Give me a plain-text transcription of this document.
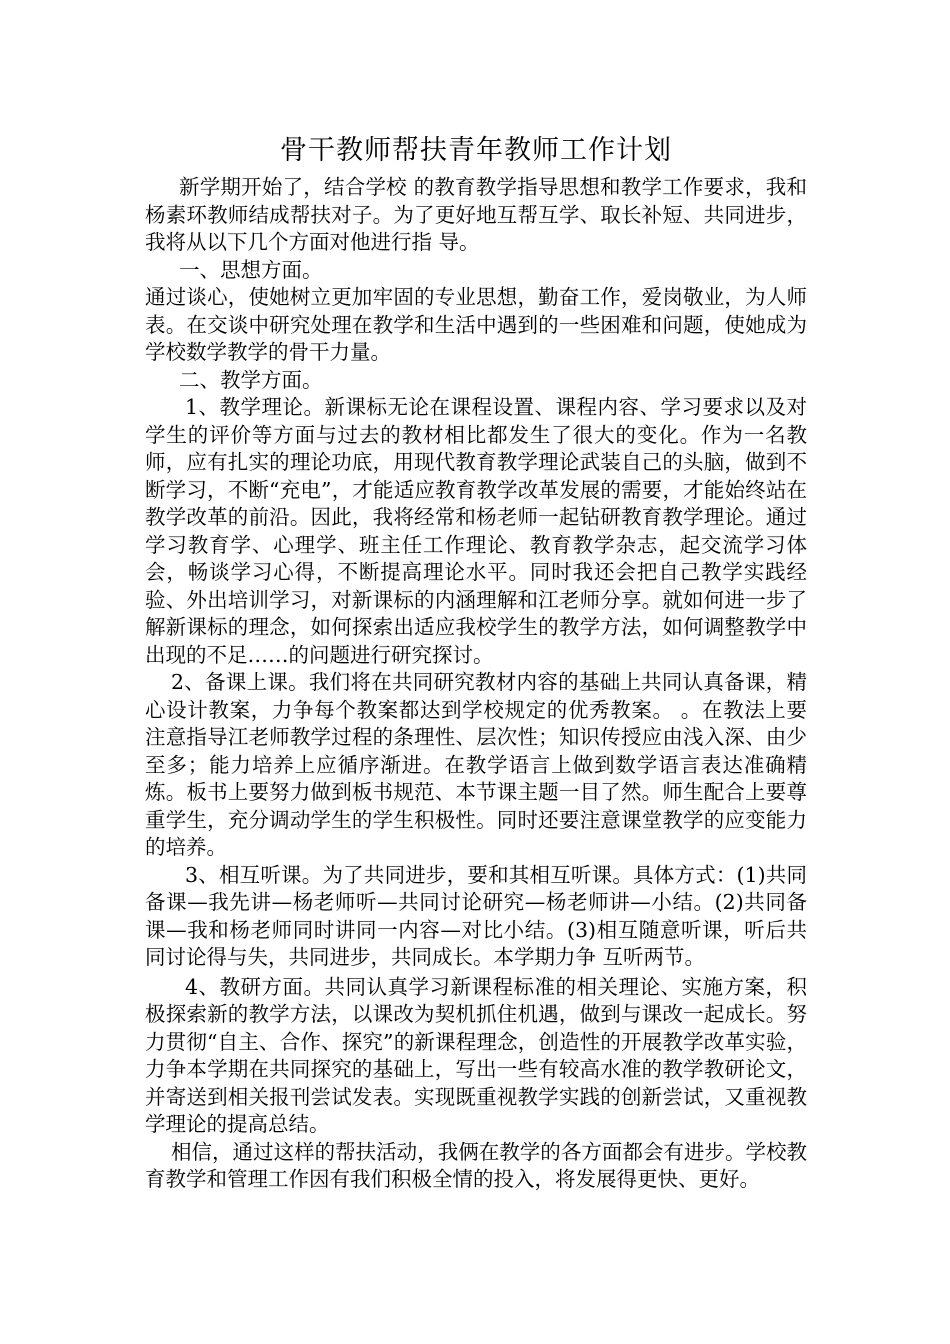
骨干教师帮扶青年教师工作计划

新学期开始了，结合学校 的教育教学指导思想和教学工作要求，我和杨素环教师结成帮扶对子。为了更好地互帮互学、取长补短、共同进步，我将从以下几个方面对他进行指 导。

一、思想方面。

通过谈心，使她树立更加牢固的专业思想，勤奋工作，爱岗敬业，为人师表。在交谈中研究处理在教学和生活中遇到的一些困难和问题，使她成为学校数学教学的骨干力量。

二、教学方面。

1、教学理论。新课标无论在课程设置、课程内容、学习要求以及对学生的评价等方面与过去的教材相比都发生了很大的变化。作为一名教师，应有扎实的理论功底，用现代教育教学理论武装自己的头脑，做到不断学习，不断“充电”，才能适应教育教学改革发展的需要，才能始终站在教学改革的前沿。因此，我将经常和杨老师一起钻研教育教学理论。通过学习教育学、心理学、班主任工作理论、教育教学杂志，起交流学习体会，畅谈学习心得，不断提高理论水平。同时我还会把自己教学实践经验、外出培训学习，对新课标的内涵理解和江老师分享。就如何进一步了解新课标的理念，如何探索出适应我校学生的教学方法，如何调整教学中出现的不足……的问题进行研究探讨。

2、备课上课。我们将在共同研究教材内容的基础上共同认真备课，精心设计教案，力争每个教案都达到学校规定的优秀教案。 。在教法上要注意指导江老师教学过程的条理性、层次性；知识传授应由浅入深、由少至多；能力培养上应循序渐进。在教学语言上做到数学语言表达准确精炼。板书上要努力做到板书规范、本节课主题一目了然。师生配合上要尊重学生，充分调动学生的学生积极性。同时还要注意课堂教学的应变能力的培养。

3、相互听课。为了共同进步，要和其相互听课。具体方式：(1)共同备课—我先讲—杨老师听—共同讨论研究—杨老师讲—小结。(2)共同备课—我和杨老师同时讲同一内容—对比小结。(3)相互随意听课，听后共同讨论得与失，共同进步，共同成长。本学期力争 互听两节。

4、教研方面。共同认真学习新课程标准的相关理论、实施方案，积极探索新的教学方法，以课改为契机抓住机遇，做到与课改一起成长。努力贯彻“自主、合作、探究”的新课程理念，创造性的开展教学改革实验，力争本学期在共同探究的基础上，写出一些有较高水准的教学教研论文，并寄送到相关报刊尝试发表。实现既重视教学实践的创新尝试，又重视教学理论的提高总结。

相信，通过这样的帮扶活动，我俩在教学的各方面都会有进步。学校教育教学和管理工作因有我们积极全情的投入，将发展得更快、更好。
